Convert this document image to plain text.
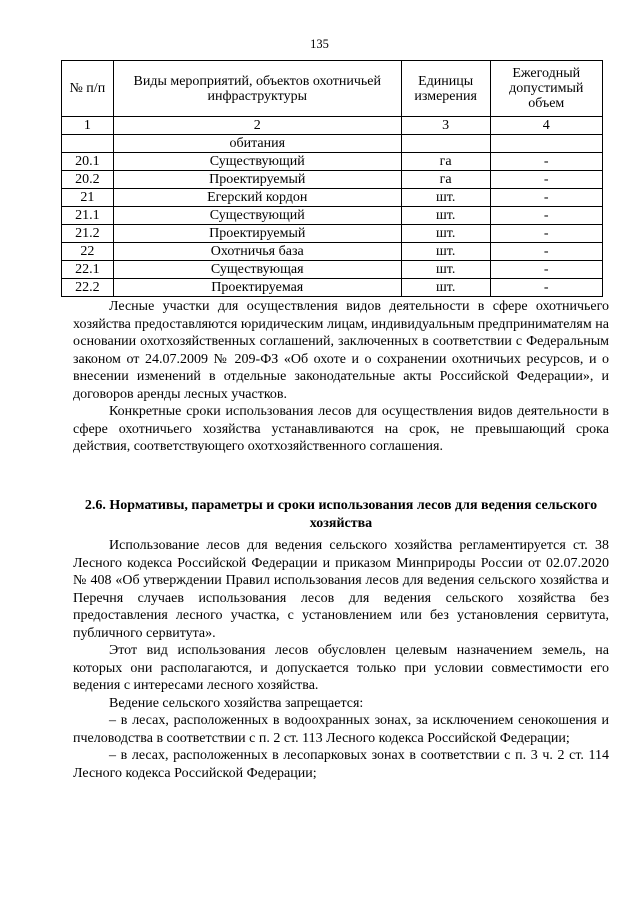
135
№ п/п	Виды мероприятий, объектов охотничьей инфраструктуры	Единицы измерения	Ежегодный допустимый объем
1	2	3	4
	обитания		
20.1	Существующий	га	-
20.2	Проектируемый	га	-
21	Егерский кордон	шт.	-
21.1	Существующий	шт.	-
21.2	Проектируемый	шт.	-
22	Охотничья база	шт.	-
22.1	Существующая	шт.	-
22.2	Проектируемая	шт.	-

Лесные участки для осуществления видов деятельности в сфере охотничьего хозяйства предоставляются юридическим лицам, индивидуальным предпринимателям на основании охотхозяйственных соглашений, заключенных в соответствии с Федеральным законом от 24.07.2009 № 209-ФЗ «Об охоте и о сохранении охотничьих ресурсов, и о внесении изменений в отдельные законодательные акты Российской Федерации», и договоров аренды лесных участков.

Конкретные сроки использования лесов для осуществления видов деятельности в сфере охотничьего хозяйства устанавливаются на срок, не превышающий срока действия, соответствующего охотхозяйственного соглашения.

2.6. Нормативы, параметры и сроки использования лесов для ведения сельского хозяйства

Использование лесов для ведения сельского хозяйства регламентируется ст. 38 Лесного кодекса Российской Федерации и приказом Минприроды России от 02.07.2020 № 408 «Об утверждении Правил использования лесов для ведения сельского хозяйства и Перечня случаев использования лесов для ведения сельского хозяйства без предоставления лесного участка, с установлением или без установления сервитута, публичного сервитута».

Этот вид использования лесов обусловлен целевым назначением земель, на которых они располагаются, и допускается только при условии совместимости его ведения с интересами лесного хозяйства.

Ведение сельского хозяйства запрещается:

– в лесах, расположенных в водоохранных зонах, за исключением сенокошения и пчеловодства в соответствии с п. 2 ст. 113 Лесного кодекса Российской Федерации;

– в лесах, расположенных в лесопарковых зонах в соответствии с п. 3 ч. 2 ст. 114 Лесного кодекса Российской Федерации;
